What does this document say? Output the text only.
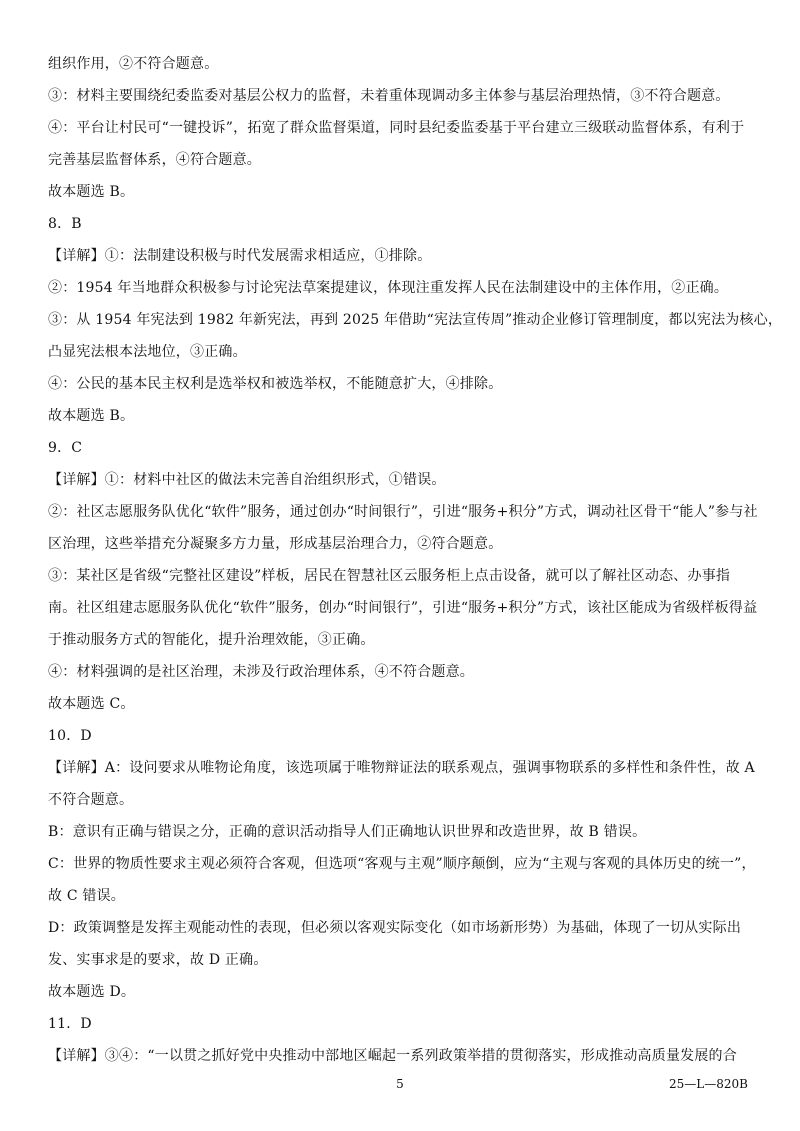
组织作用，②不符合题意。
③：材料主要围绕纪委监委对基层公权力的监督，未着重体现调动多主体参与基层治理热情，③不符合题意。
④：平台让村民可“一键投诉”，拓宽了群众监督渠道，同时县纪委监委基于平台建立三级联动监督体系，有利于
完善基层监督体系，④符合题意。
故本题选 B。
8．B
【详解】①：法制建设积极与时代发展需求相适应，①排除。
②：1954 年当地群众积极参与讨论宪法草案提建议，体现注重发挥人民在法制建设中的主体作用，②正确。
③：从 1954 年宪法到 1982 年新宪法，再到 2025 年借助“宪法宣传周”推动企业修订管理制度，都以宪法为核心，
凸显宪法根本法地位，③正确。
④：公民的基本民主权利是选举权和被选举权，不能随意扩大，④排除。
故本题选 B。
9．C
【详解】①：材料中社区的做法未完善自治组织形式，①错误。
②：社区志愿服务队优化“软件”服务，通过创办“时间银行”，引进“服务+积分”方式，调动社区骨干“能人”参与社
区治理，这些举措充分凝聚多方力量，形成基层治理合力，②符合题意。
③：某社区是省级“完整社区建设”样板，居民在智慧社区云服务柜上点击设备，就可以了解社区动态、办事指
南。社区组建志愿服务队优化“软件”服务，创办“时间银行”，引进“服务+积分”方式，该社区能成为省级样板得益
于推动服务方式的智能化，提升治理效能，③正确。
④：材料强调的是社区治理，未涉及行政治理体系，④不符合题意。
故本题选 C。
10．D
【详解】A：设问要求从唯物论角度，该选项属于唯物辩证法的联系观点，强调事物联系的多样性和条件性，故 A
不符合题意。
B：意识有正确与错误之分，正确的意识活动指导人们正确地认识世界和改造世界，故 B 错误。
C：世界的物质性要求主观必须符合客观，但选项“客观与主观”顺序颠倒，应为“主观与客观的具体历史的统一”，
故 C 错误。
D：政策调整是发挥主观能动性的表现，但必须以客观实际变化（如市场新形势）为基础，体现了一切从实际出
发、实事求是的要求，故 D 正确。
故本题选 D。
11．D
【详解】③④：“一以贯之抓好党中央推动中部地区崛起一系列政策举措的贯彻落实，形成推动高质量发展的合
5	25—L—820B
